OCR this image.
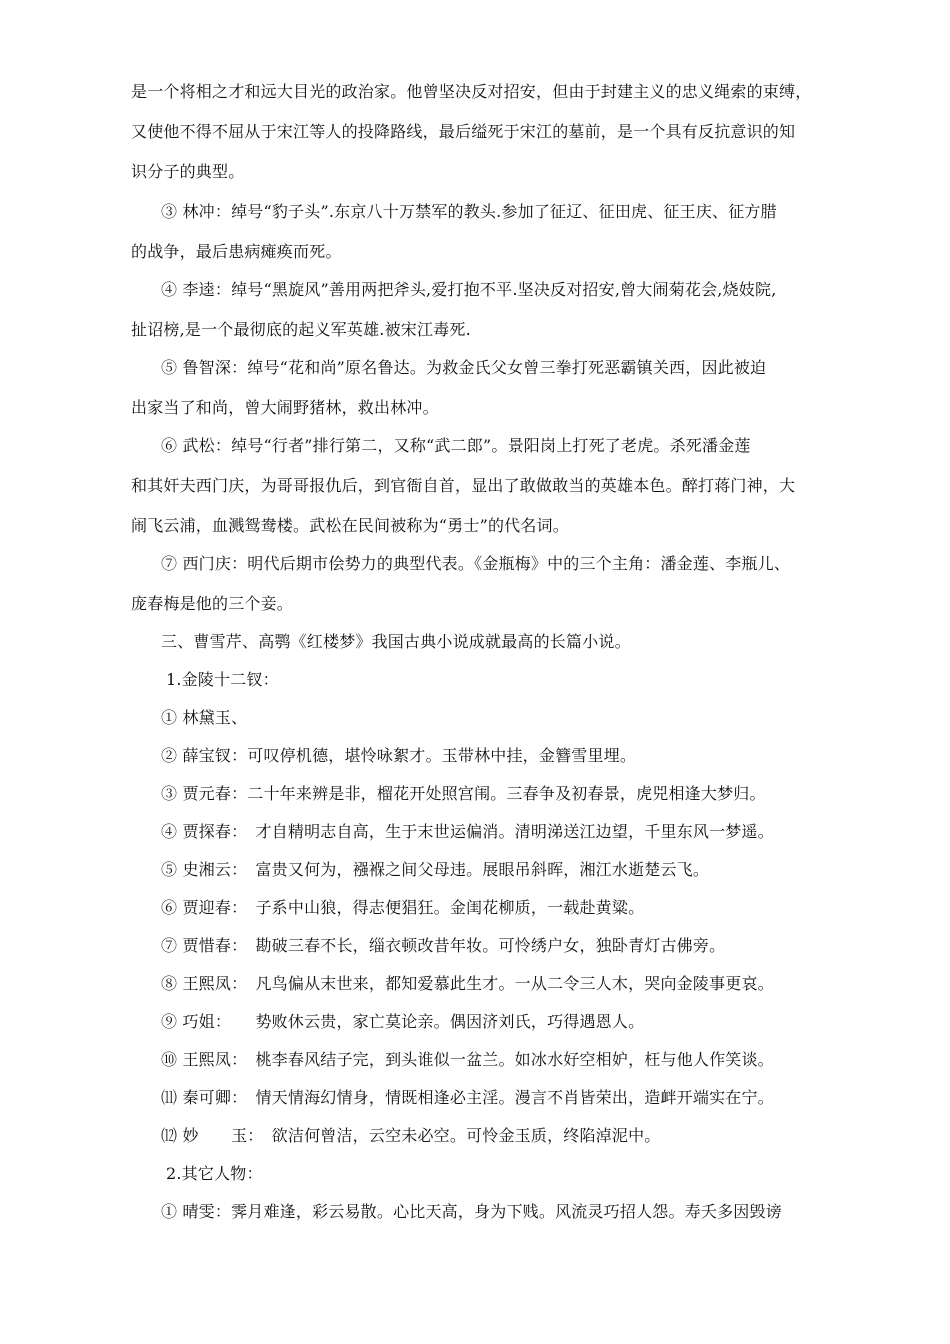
是一个将相之才和远大目光的政治家。他曾坚决反对招安，但由于封建主义的忠义绳索的束缚，
又使他不得不屈从于宋江等人的投降路线，最后缢死于宋江的墓前，是一个具有反抗意识的知
识分子的典型。
③ 林冲：绰号“豹子头”.东京八十万禁军的教头.参加了征辽、征田虎、征王庆、征方腊
的战争，最后患病瘫痪而死。
④ 李逵：绰号“黑旋风”善用两把斧头,爱打抱不平.坚决反对招安,曾大闹菊花会,烧妓院,
扯诏榜,是一个最彻底的起义军英雄.被宋江毒死.
⑤ 鲁智深：绰号“花和尚”原名鲁达。为救金氏父女曾三拳打死恶霸镇关西，因此被迫
出家当了和尚，曾大闹野猪林，救出林冲。
⑥ 武松：绰号“行者”排行第二，又称“武二郎”。景阳岗上打死了老虎。杀死潘金莲
和其奸夫西门庆，为哥哥报仇后，到官衙自首，显出了敢做敢当的英雄本色。醉打蒋门神，大
闹飞云浦，血溅鸳鸯楼。武松在民间被称为“勇士”的代名词。
⑦ 西门庆：明代后期市侩势力的典型代表。《金瓶梅》中的三个主角：潘金莲、李瓶儿、
庞春梅是他的三个妾。
三、曹雪芹、高鹗《红楼梦》我国古典小说成就最高的长篇小说。
1.金陵十二钗：
① 林黛玉、
② 薛宝钗：可叹停机德，堪怜咏絮才。玉带林中挂，金簪雪里埋。
③ 贾元春：二十年来辨是非，榴花开处照宫闱。三春争及初春景，虎兕相逢大梦归。
④ 贾探春：　才自精明志自高，生于末世运偏消。清明涕送江边望，千里东风一梦遥。
⑤ 史湘云：　富贵又何为，襁褓之间父母违。展眼吊斜晖，湘江水逝楚云飞。
⑥ 贾迎春：　子系中山狼，得志便猖狂。金闺花柳质，一载赴黄粱。
⑦ 贾惜春：　勘破三春不长，缁衣顿改昔年妆。可怜绣户女，独卧青灯古佛旁。
⑧ 王熙凤：　凡鸟偏从末世来，都知爱慕此生才。一从二令三人木，哭向金陵事更哀。
⑨ 巧姐：　　势败休云贵，家亡莫论亲。偶因济刘氏，巧得遇恩人。
⑩ 王熙凤：　桃李春风结子完，到头谁似一盆兰。如冰水好空相妒，枉与他人作笑谈。
⑾ 秦可卿：　情天情海幻情身，情既相逢必主淫。漫言不肖皆荣出，造衅开端实在宁。
⑿ 妙　　玉：　欲洁何曾洁，云空未必空。可怜金玉质，终陷淖泥中。
2.其它人物：
① 晴雯：霁月难逢，彩云易散。心比天高，身为下贱。风流灵巧招人怨。寿夭多因毁谤
